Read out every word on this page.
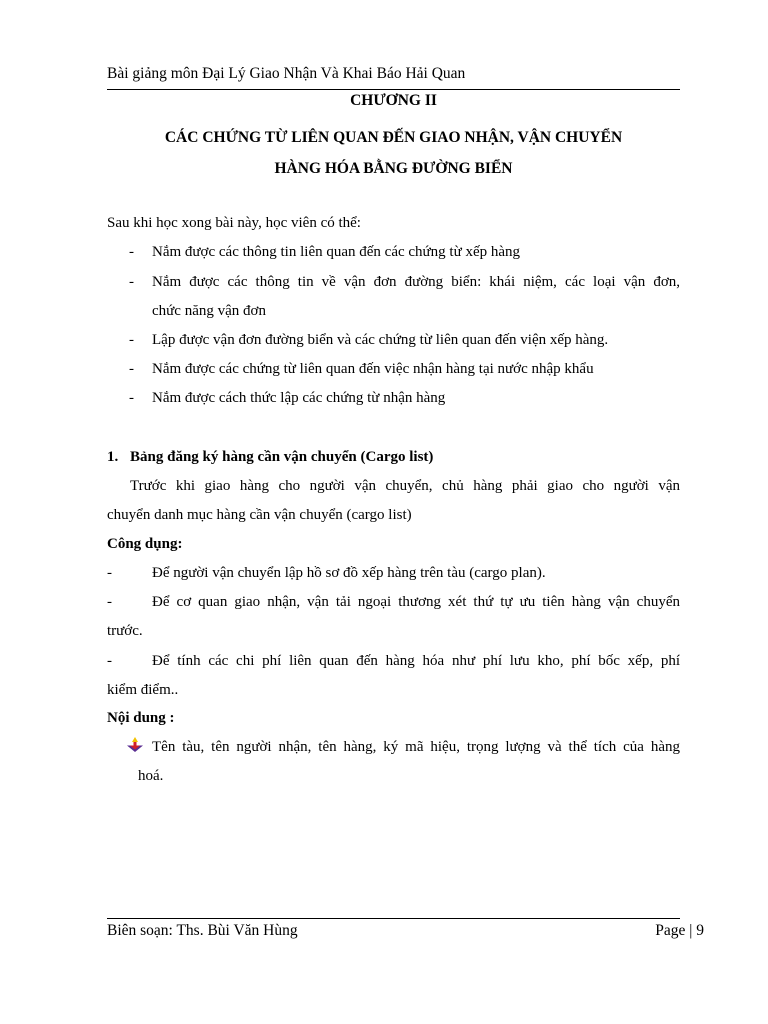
Bài giảng môn Đại Lý Giao Nhận Và Khai Báo Hải Quan
CHƯƠNG II
CÁC CHỨNG TỪ LIÊN QUAN ĐẾN GIAO NHẬN, VẬN CHUYỂN
HÀNG HÓA BẰNG ĐƯỜNG BIỂN
Sau khi học xong bài này, học viên có thể:
- Nắm được các thông tin liên quan đến các chứng từ xếp hàng
- Nắm được các thông tin về vận đơn đường biển: khái niệm, các loại vận đơn,
chức năng vận đơn
- Lập được vận đơn đường biển và các chứng từ liên quan đến viện xếp hàng.
- Nắm được các chứng từ liên quan đến việc nhận hàng tại nước nhập khẩu
- Nắm được cách thức lập các chứng từ nhận hàng
1. Bảng đăng ký hàng cần vận chuyển (Cargo list)
Trước khi giao hàng cho người vận chuyển, chủ hàng phải giao cho người vận
chuyển danh mục hàng cần vận chuyển (cargo list)
Công dụng:
-	Để người vận chuyển lập hồ sơ đồ xếp hàng trên tàu (cargo plan).
-	Để cơ quan giao nhận, vận tải ngoại thương xét thứ tự ưu tiên hàng vận chuyển
trước.
-	Để tính các chi phí liên quan đến hàng hóa như phí lưu kho, phí bốc xếp, phí
kiểm điểm..
Nội dung :
Tên tàu, tên người nhận, tên hàng, ký mã hiệu, trọng lượng và thể tích của hàng
hoá.
Biên soạn: Ths. Bùi Văn Hùng	Page | 9
